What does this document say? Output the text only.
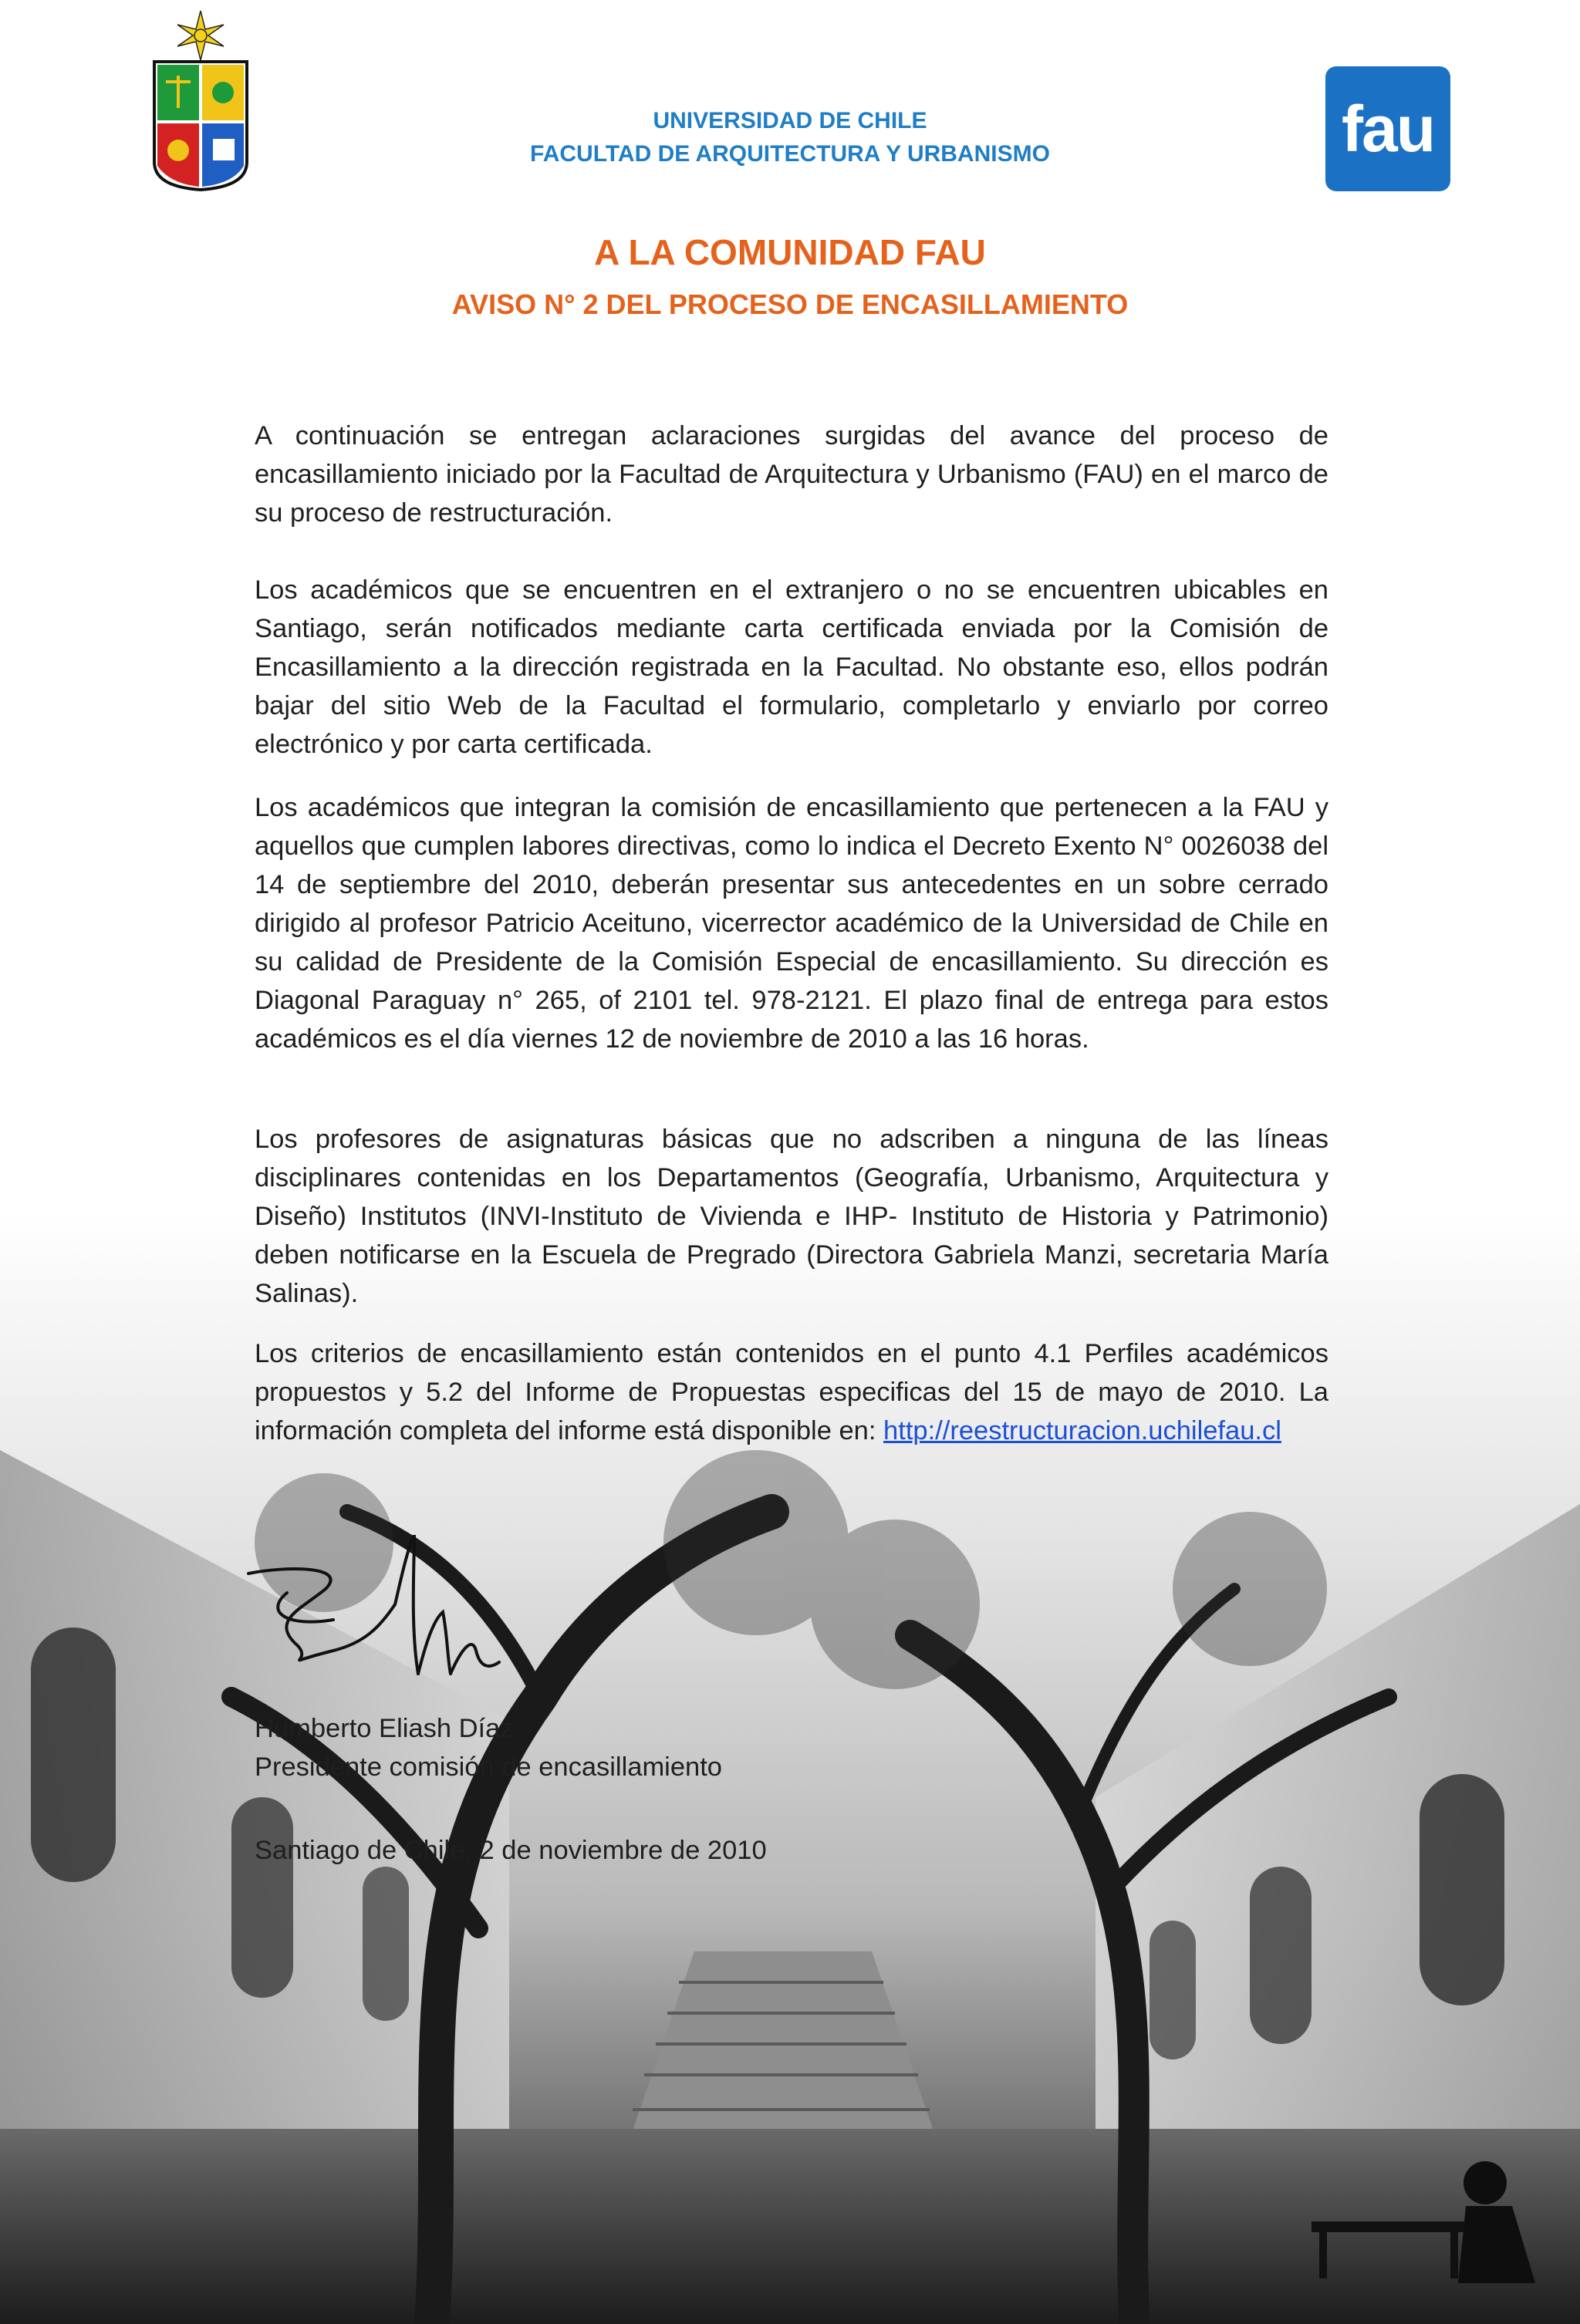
fau
UNIVERSIDAD DE CHILE
FACULTAD DE ARQUITECTURA Y URBANISMO
A LA COMUNIDAD FAU
AVISO N° 2 DEL PROCESO DE ENCASILLAMIENTO

A continuación se entregan aclaraciones surgidas del avance del proceso de encasillamiento iniciado por la Facultad de Arquitectura y Urbanismo (FAU) en el marco de su proceso de restructuración.

Los académicos que se encuentren en el extranjero o no se encuentren ubicables en Santiago, serán notificados mediante carta certificada enviada por la Comisión de Encasillamiento a la dirección registrada en la Facultad. No obstante eso, ellos podrán bajar del sitio Web de la Facultad el formulario, completarlo y enviarlo por correo electrónico y por carta certificada.

Los académicos que integran la comisión de encasillamiento que pertenecen a la FAU y aquellos que cumplen labores directivas, como lo indica el Decreto Exento N° 0026038 del 14 de septiembre del 2010, deberán presentar sus antecedentes en un sobre cerrado dirigido al profesor Patricio Aceituno, vicerrector académico de la Universidad de Chile en su calidad de Presidente de la Comisión Especial de encasillamiento. Su dirección es Diagonal Paraguay n° 265, of 2101 tel. 978-2121. El plazo final de entrega para estos académicos es el día viernes 12 de noviembre de 2010 a las 16 horas.

Los profesores de asignaturas básicas que no adscriben a ninguna de las líneas disciplinares contenidas en los Departamentos (Geografía, Urbanismo, Arquitectura y Diseño) Institutos (INVI-Instituto de Vivienda e IHP- Instituto de Historia y Patrimonio) deben notificarse en la Escuela de Pregrado (Directora Gabriela Manzi, secretaria María Salinas).

Los criterios de encasillamiento están contenidos en el punto 4.1 Perfiles académicos propuestos y 5.2 del Informe de Propuestas especificas del 15 de mayo de 2010. La información completa del informe está disponible en: http://reestructuracion.uchilefau.cl

Humberto Eliash Díaz
Presidente comisión de encasillamiento
Santiago de Chile, 2 de noviembre de 2010
